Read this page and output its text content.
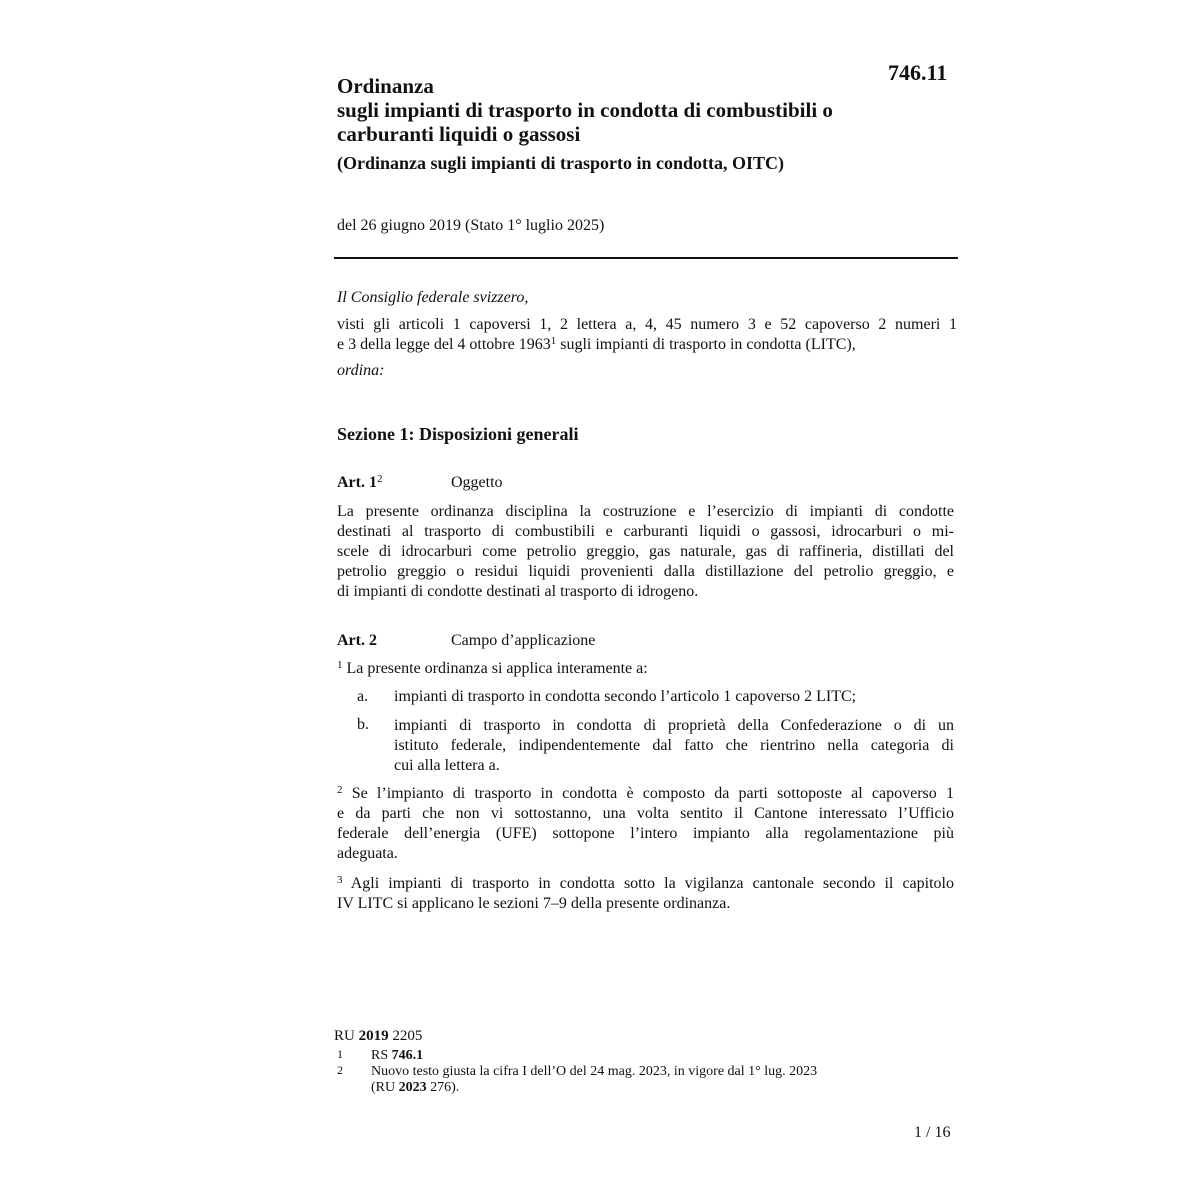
746.11
Ordinanza
sugli impianti di trasporto in condotta di combustibili o
carburanti liquidi o gassosi
(Ordinanza sugli impianti di trasporto in condotta, OITC)
del 26 giugno 2019 (Stato 1° luglio 2025)
Il Consiglio federale svizzero,
visti gli articoli 1 capoversi 1, 2 lettera a, 4, 45 numero 3 e 52 capoverso 2 numeri 1
e 3 della legge del 4 ottobre 1963$^1$ sugli impianti di trasporto in condotta (LITC),
ordina:
Sezione 1: Disposizioni generali
Art. 1$^2$	Oggetto
La presente ordinanza disciplina la costruzione e l’esercizio di impianti di condotte
destinati al trasporto di combustibili e carburanti liquidi o gassosi, idrocarburi o mi-
scele di idrocarburi come petrolio greggio, gas naturale, gas di raffineria, distillati del
petrolio greggio o residui liquidi provenienti dalla distillazione del petrolio greggio, e
di impianti di condotte destinati al trasporto di idrogeno.
Art. 2	Campo d’applicazione
$^1$ La presente ordinanza si applica interamente a:
a. impianti di trasporto in condotta secondo l’articolo 1 capoverso 2 LITC;
b. impianti di trasporto in condotta di proprietà della Confederazione o di un
istituto federale, indipendentemente dal fatto che rientrino nella categoria di
cui alla lettera a.
$^2$ Se l’impianto di trasporto in condotta è composto da parti sottoposte al capoverso 1
e da parti che non vi sottostanno, una volta sentito il Cantone interessato l’Ufficio
federale dell’energia (UFE) sottopone l’intero impianto alla regolamentazione più
adeguata.
$^3$ Agli impianti di trasporto in condotta sotto la vigilanza cantonale secondo il capitolo
IV LITC si applicano le sezioni 7–9 della presente ordinanza.
RU 2019 2205
1 RS 746.1
2 Nuovo testo giusta la cifra I dell’O del 24 mag. 2023, in vigore dal 1° lug. 2023
(RU 2023 276).
1 / 16
